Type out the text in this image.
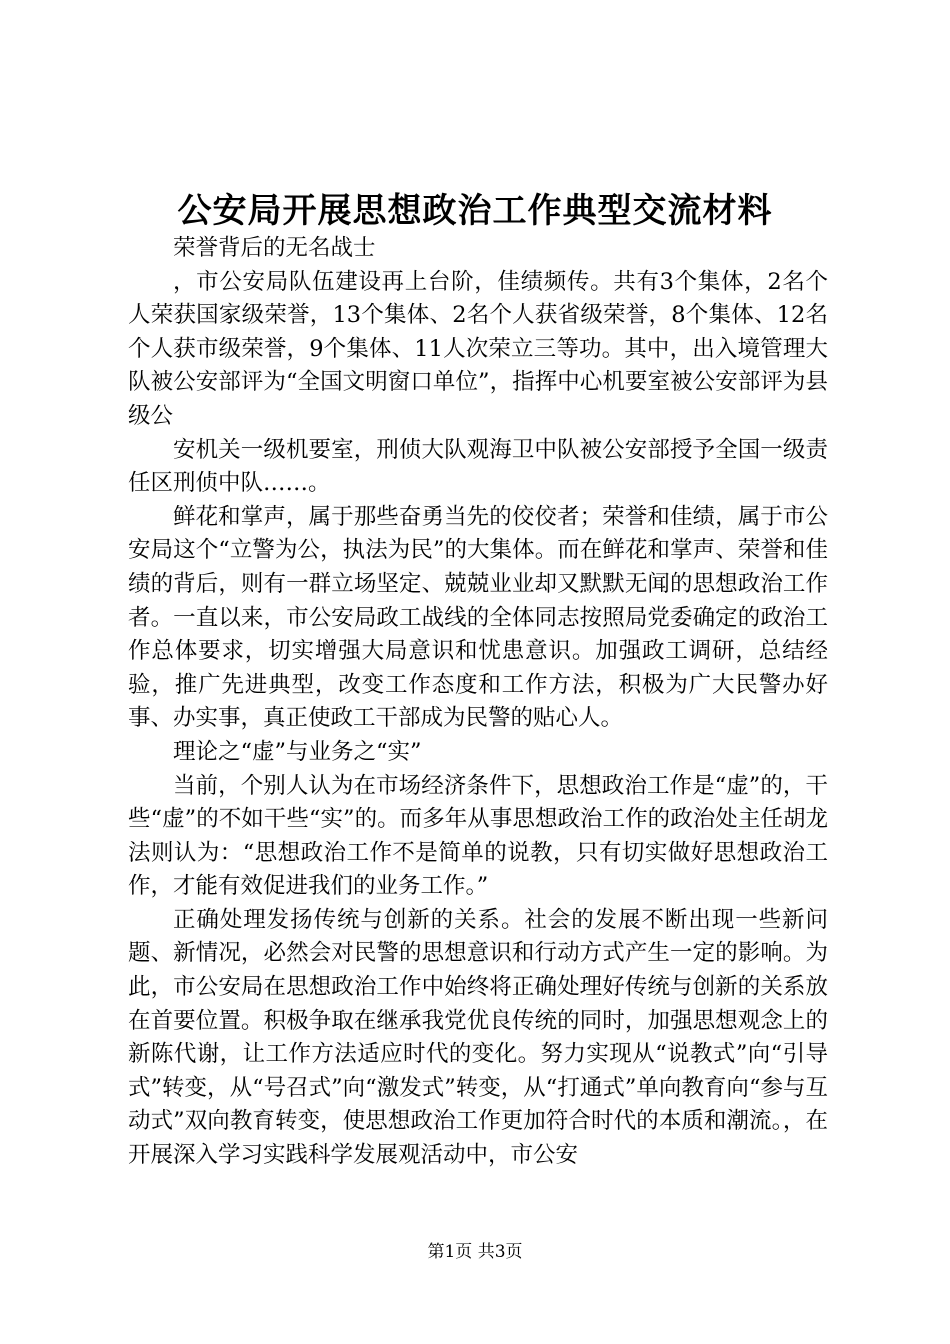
公安局开展思想政治工作典型交流材料

荣誉背后的无名战士

，市公安局队伍建设再上台阶，佳绩频传。共有3个集体，2名个人荣获国家级荣誉，13个集体、2名个人获省级荣誉，8个集体、12名个人获市级荣誉，9个集体、11人次荣立三等功。其中，出入境管理大队被公安部评为“全国文明窗口单位”，指挥中心机要室被公安部评为县级公

安机关一级机要室，刑侦大队观海卫中队被公安部授予全国一级责任区刑侦中队……。

鲜花和掌声，属于那些奋勇当先的佼佼者；荣誉和佳绩，属于市公安局这个“立警为公，执法为民”的大集体。而在鲜花和掌声、荣誉和佳绩的背后，则有一群立场坚定、兢兢业业却又默默无闻的思想政治工作者。一直以来，市公安局政工战线的全体同志按照局党委确定的政治工作总体要求，切实增强大局意识和忧患意识。加强政工调研，总结经验，推广先进典型，改变工作态度和工作方法，积极为广大民警办好事、办实事，真正使政工干部成为民警的贴心人。

理论之“虚”与业务之“实”

当前，个别人认为在市场经济条件下，思想政治工作是“虚”的，干些“虚”的不如干些“实”的。而多年从事思想政治工作的政治处主任胡龙法则认为：“思想政治工作不是简单的说教，只有切实做好思想政治工作，才能有效促进我们的业务工作。”

正确处理发扬传统与创新的关系。社会的发展不断出现一些新问题、新情况，必然会对民警的思想意识和行动方式产生一定的影响。为此，市公安局在思想政治工作中始终将正确处理好传统与创新的关系放在首要位置。积极争取在继承我党优良传统的同时，加强思想观念上的新陈代谢，让工作方法适应时代的变化。努力实现从“说教式”向“引导式”转变，从“号召式”向“激发式”转变，从“打通式”单向教育向“参与互动式”双向教育转变，使思想政治工作更加符合时代的本质和潮流。，在开展深入学习实践科学发展观活动中，市公安

第1页 共3页
